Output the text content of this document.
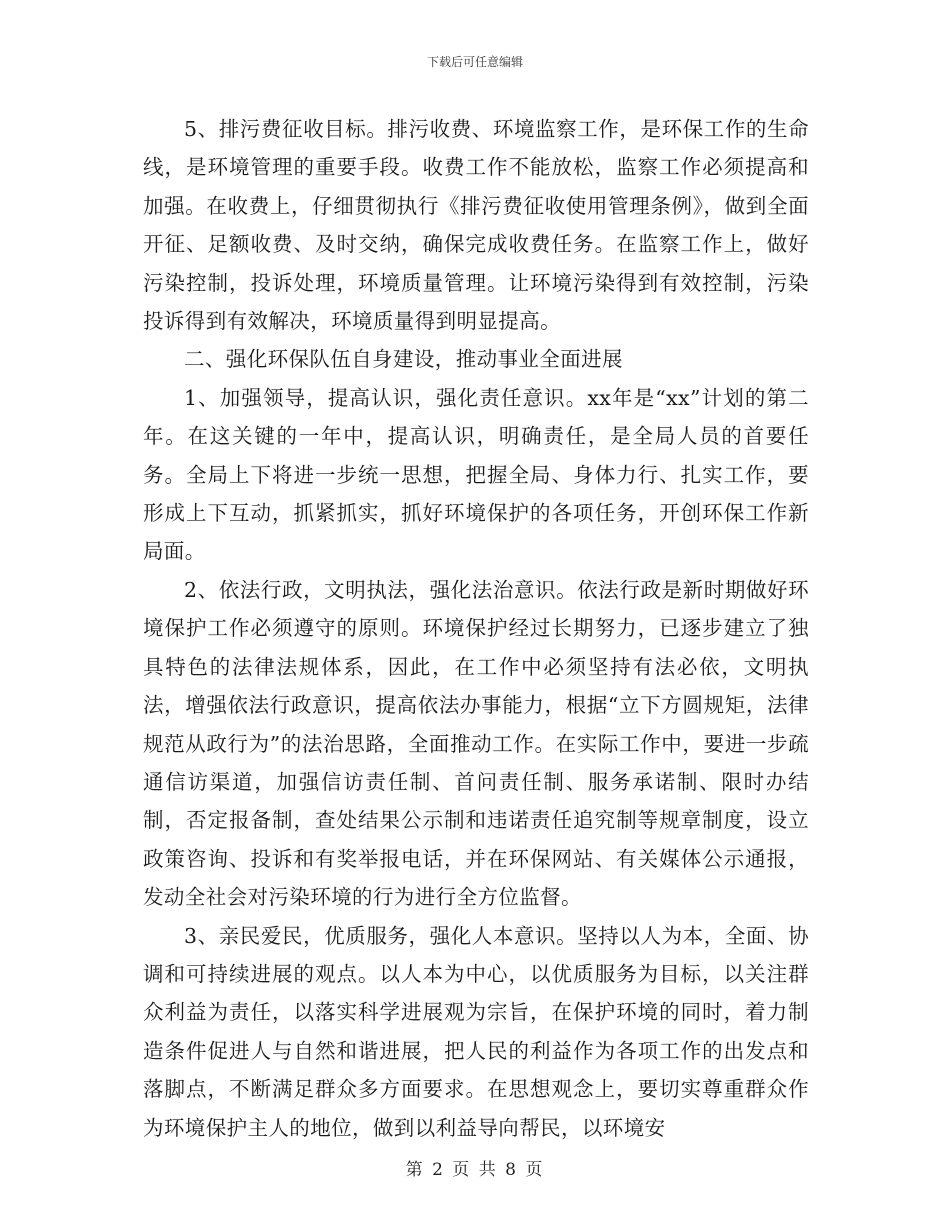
下载后可任意编辑

5、排污费征收目标。排污收费、环境监察工作，是环保工作的生命线，是环境管理的重要手段。收费工作不能放松，监察工作必须提高和加强。在收费上，仔细贯彻执行《排污费征收使用管理条例》，做到全面开征、足额收费、及时交纳，确保完成收费任务。在监察工作上，做好污染控制，投诉处理，环境质量管理。让环境污染得到有效控制，污染投诉得到有效解决，环境质量得到明显提高。

二、强化环保队伍自身建设，推动事业全面进展

1、加强领导，提高认识，强化责任意识。xx年是“xx”计划的第二年。在这关键的一年中，提高认识，明确责任，是全局人员的首要任务。全局上下将进一步统一思想，把握全局、身体力行、扎实工作，要形成上下互动，抓紧抓实，抓好环境保护的各项任务，开创环保工作新局面。

2、依法行政，文明执法，强化法治意识。依法行政是新时期做好环境保护工作必须遵守的原则。环境保护经过长期努力，已逐步建立了独具特色的法律法规体系，因此，在工作中必须坚持有法必依，文明执法，增强依法行政意识，提高依法办事能力，根据“立下方圆规矩，法律规范从政行为”的法治思路，全面推动工作。在实际工作中，要进一步疏通信访渠道，加强信访责任制、首问责任制、服务承诺制、限时办结制，否定报备制，查处结果公示制和违诺责任追究制等规章制度，设立政策咨询、投诉和有奖举报电话，并在环保网站、有关媒体公示通报，发动全社会对污染环境的行为进行全方位监督。

3、亲民爱民，优质服务，强化人本意识。坚持以人为本，全面、协调和可持续进展的观点。以人本为中心，以优质服务为目标，以关注群众利益为责任，以落实科学进展观为宗旨，在保护环境的同时，着力制造条件促进人与自然和谐进展，把人民的利益作为各项工作的出发点和落脚点，不断满足群众多方面要求。在思想观念上，要切实尊重群众作为环境保护主人的地位，做到以利益导向帮民，以环境安

第 2 页 共 8 页
